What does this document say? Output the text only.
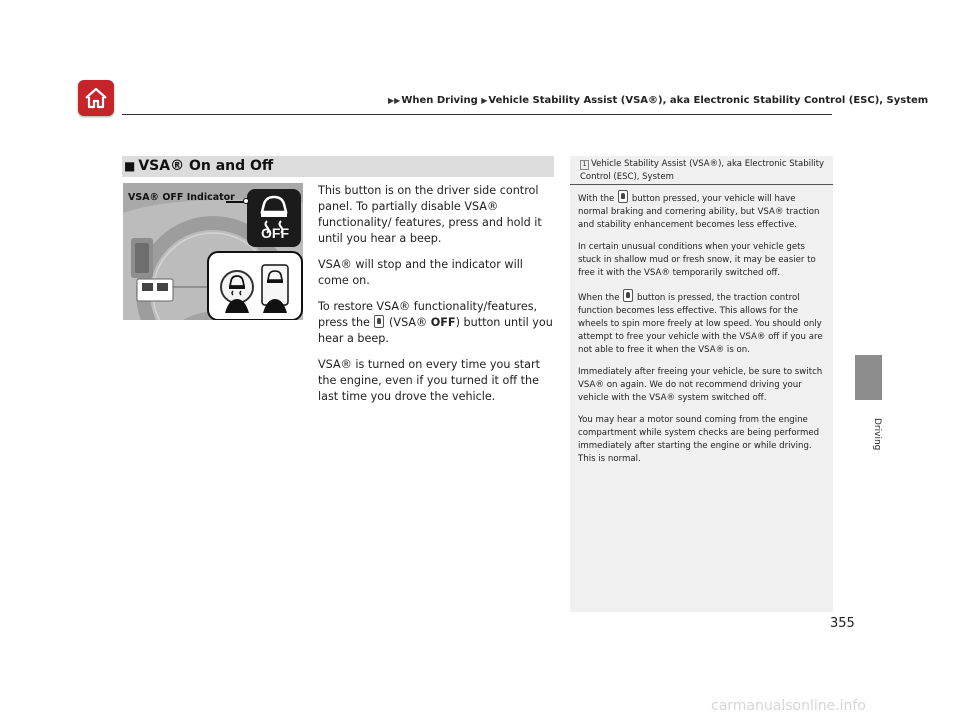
▶▶When Driving ▶Vehicle Stability Assist (VSA®), aka Electronic Stability Control (ESC), System
Driving
■ VSA® On and Off
OFF
VSA® OFF Indicator

This button is on the driver side control panel. To partially disable VSA® functionality/ features, press and hold it until you hear a beep.

VSA® will stop and the indicator will come on.

To restore VSA® functionality/features, press the (VSA® OFF) button until you hear a beep.

VSA® is turned on every time you start the engine, even if you turned it off the last time you drove the vehicle.

1 Vehicle Stability Assist (VSA®), aka Electronic Stability Control (ESC), System

With the button pressed, your vehicle will have normal braking and cornering ability, but VSA® traction and stability enhancement becomes less effective.

In certain unusual conditions when your vehicle gets stuck in shallow mud or fresh snow, it may be easier to free it with the VSA® temporarily switched off.

When the button is pressed, the traction control function becomes less effective. This allows for the wheels to spin more freely at low speed. You should only attempt to free your vehicle with the VSA® off if you are not able to free it when the VSA® is on.

Immediately after freeing your vehicle, be sure to switch VSA® on again. We do not recommend driving your vehicle with the VSA® system switched off.

You may hear a motor sound coming from the engine compartment while system checks are being performed immediately after starting the engine or while driving. This is normal.

355
carmanualsonline.info
